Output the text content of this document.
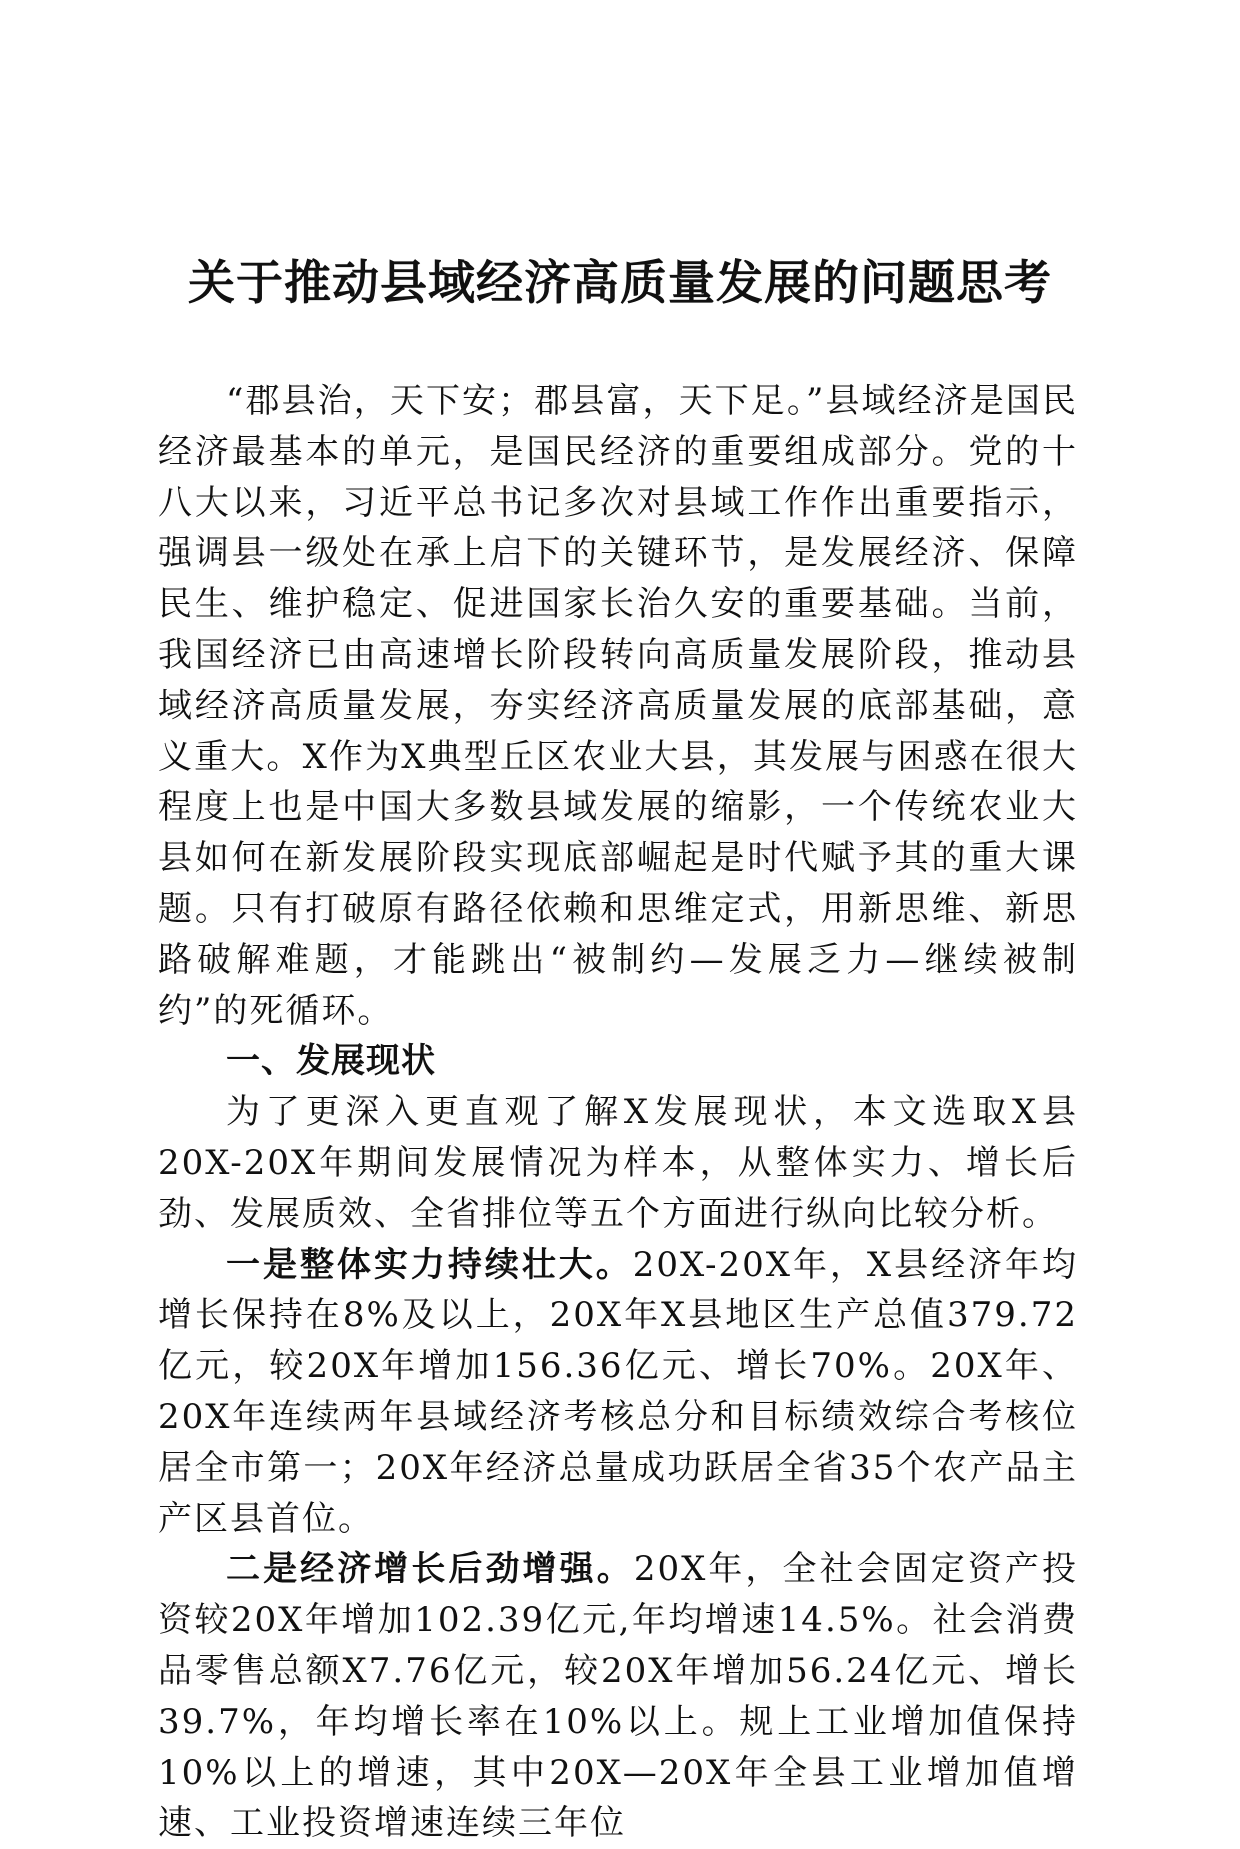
关于推动县域经济高质量发展的问题思考

“郡县治，天下安；郡县富，天下足。”县域经济是国民经济最基本的单元，是国民经济的重要组成部分。党的十八大以来，习近平总书记多次对县域工作作出重要指示，强调县一级处在承上启下的关键环节，是发展经济、保障民生、维护稳定、促进国家长治久安的重要基础。当前，我国经济已由高速增长阶段转向高质量发展阶段，推动县域经济高质量发展，夯实经济高质量发展的底部基础，意义重大。X作为X典型丘区农业大县，其发展与困惑在很大程度上也是中国大多数县域发展的缩影，一个传统农业大县如何在新发展阶段实现底部崛起是时代赋予其的重大课题。只有打破原有路径依赖和思维定式，用新思维、新思路破解难题，才能跳出“被制约—发展乏力—继续被制约”的死循环。

一、发展现状

为了更深入更直观了解X发展现状，本文选取X县20X-20X年期间发展情况为样本，从整体实力、增长后劲、发展质效、全省排位等五个方面进行纵向比较分析。

一是整体实力持续壮大。20X-20X年，X县经济年均增长保持在8%及以上，20X年X县地区生产总值379.72亿元，较20X年增加156.36亿元、增长70%。20X年、20X年连续两年县域经济考核总分和目标绩效综合考核位居全市第一；20X年经济总量成功跃居全省35个农产品主产区县首位。

二是经济增长后劲增强。20X年，全社会固定资产投资较20X年增加102.39亿元,年均增速14.5%。社会消费品零售总额X7.76亿元，较20X年增加56.24亿元、增长39.7%，年均增长率在10%以上。规上工业增加值保持10%以上的增速，其中20X—20X年全县工业增加值增速、工业投资增速连续三年位
